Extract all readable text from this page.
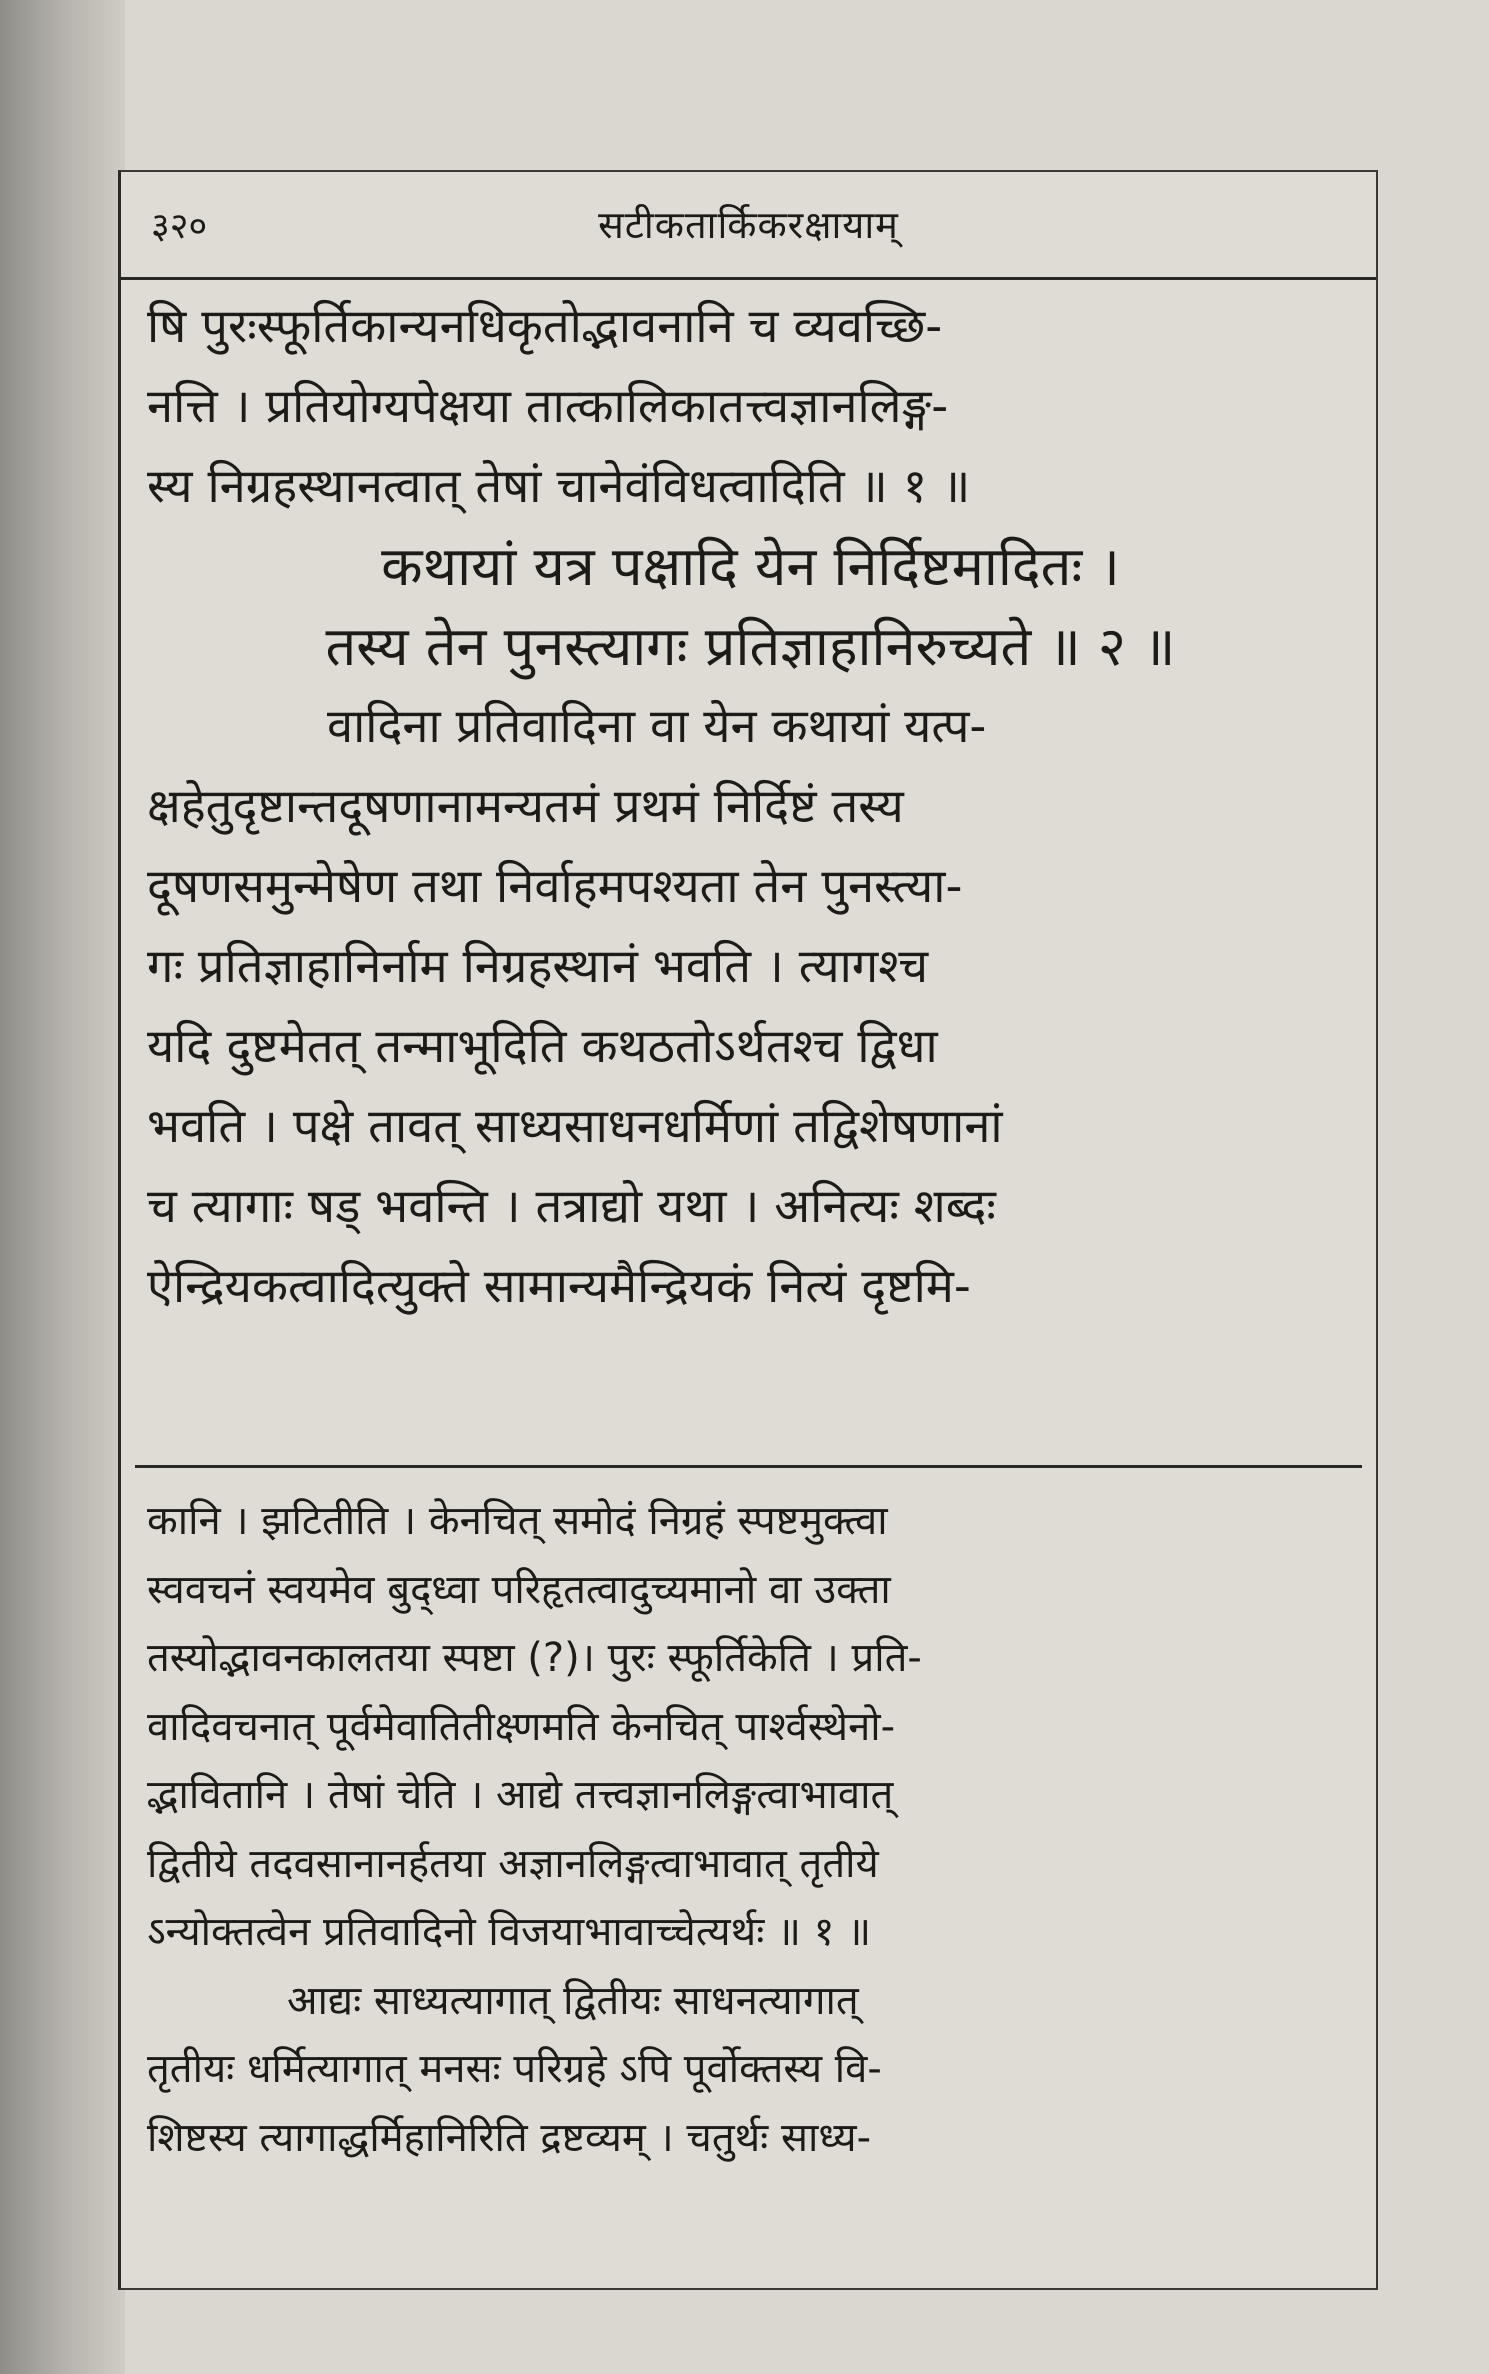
३२०	सटीकतार्किकरक्षायाम्
षि पुरःस्फूर्तिकान्यनधिकृतोद्भावनानि च व्यवच्छि-
नत्ति । प्रतियोग्यपेक्षया तात्कालिकातत्त्वज्ञानलिङ्ग-
स्य निग्रहस्थानत्वात् तेषां चानेवंविधत्वादिति ॥ १ ॥
कथायां यत्र पक्षादि येन निर्दिष्टमादितः ।
तस्य तेन पुनस्त्यागः प्रतिज्ञाहानिरुच्यते ॥ २ ॥
वादिना प्रतिवादिना वा येन कथायां यत्प-
क्षहेतुदृष्टान्तदूषणानामन्यतमं प्रथमं निर्दिष्टं तस्य
दूषणसमुन्मेषेण तथा निर्वाहमपश्यता तेन पुनस्त्या-
गः प्रतिज्ञाहानिर्नाम निग्रहस्थानं भवति । त्यागश्च
यदि दुष्टमेतत् तन्माभूदिति कथठतोऽर्थतश्च द्विधा
भवति । पक्षे तावत् साध्यसाधनधर्मिणां तद्विशेषणानां
च त्यागाः षड् भवन्ति । तत्राद्यो यथा । अनित्यः शब्दः
ऐन्द्रियकत्वादित्युक्ते सामान्यमैन्द्रियकं नित्यं दृष्टमि-
कानि । झटितीति । केनचित् समोदं निग्रहं स्पष्टमुक्त्वा
स्ववचनं स्वयमेव बुद्ध्वा परिहृतत्वादुच्यमानो वा उक्ता
तस्योद्भावनकालतया स्पष्टा (?)। पुरः स्फूर्तिकेति । प्रति-
वादिवचनात् पूर्वमेवातितीक्ष्णमति केनचित् पार्श्वस्थेनो-
द्भावितानि । तेषां चेति । आद्ये तत्त्वज्ञानलिङ्गत्वाभावात्
द्वितीये तदवसानानर्हतया अज्ञानलिङ्गत्वाभावात् तृतीये
ऽन्योक्तत्वेन प्रतिवादिनो विजयाभावाच्चेत्यर्थः ॥ १ ॥
आद्यः साध्यत्यागात् द्वितीयः साधनत्यागात्
तृतीयः धर्मित्यागात् मनसः परिग्रहे ऽपि पूर्वोक्तस्य वि-
शिष्टस्य त्यागाद्धर्मिहानिरिति द्रष्टव्यम् । चतुर्थः साध्य-
